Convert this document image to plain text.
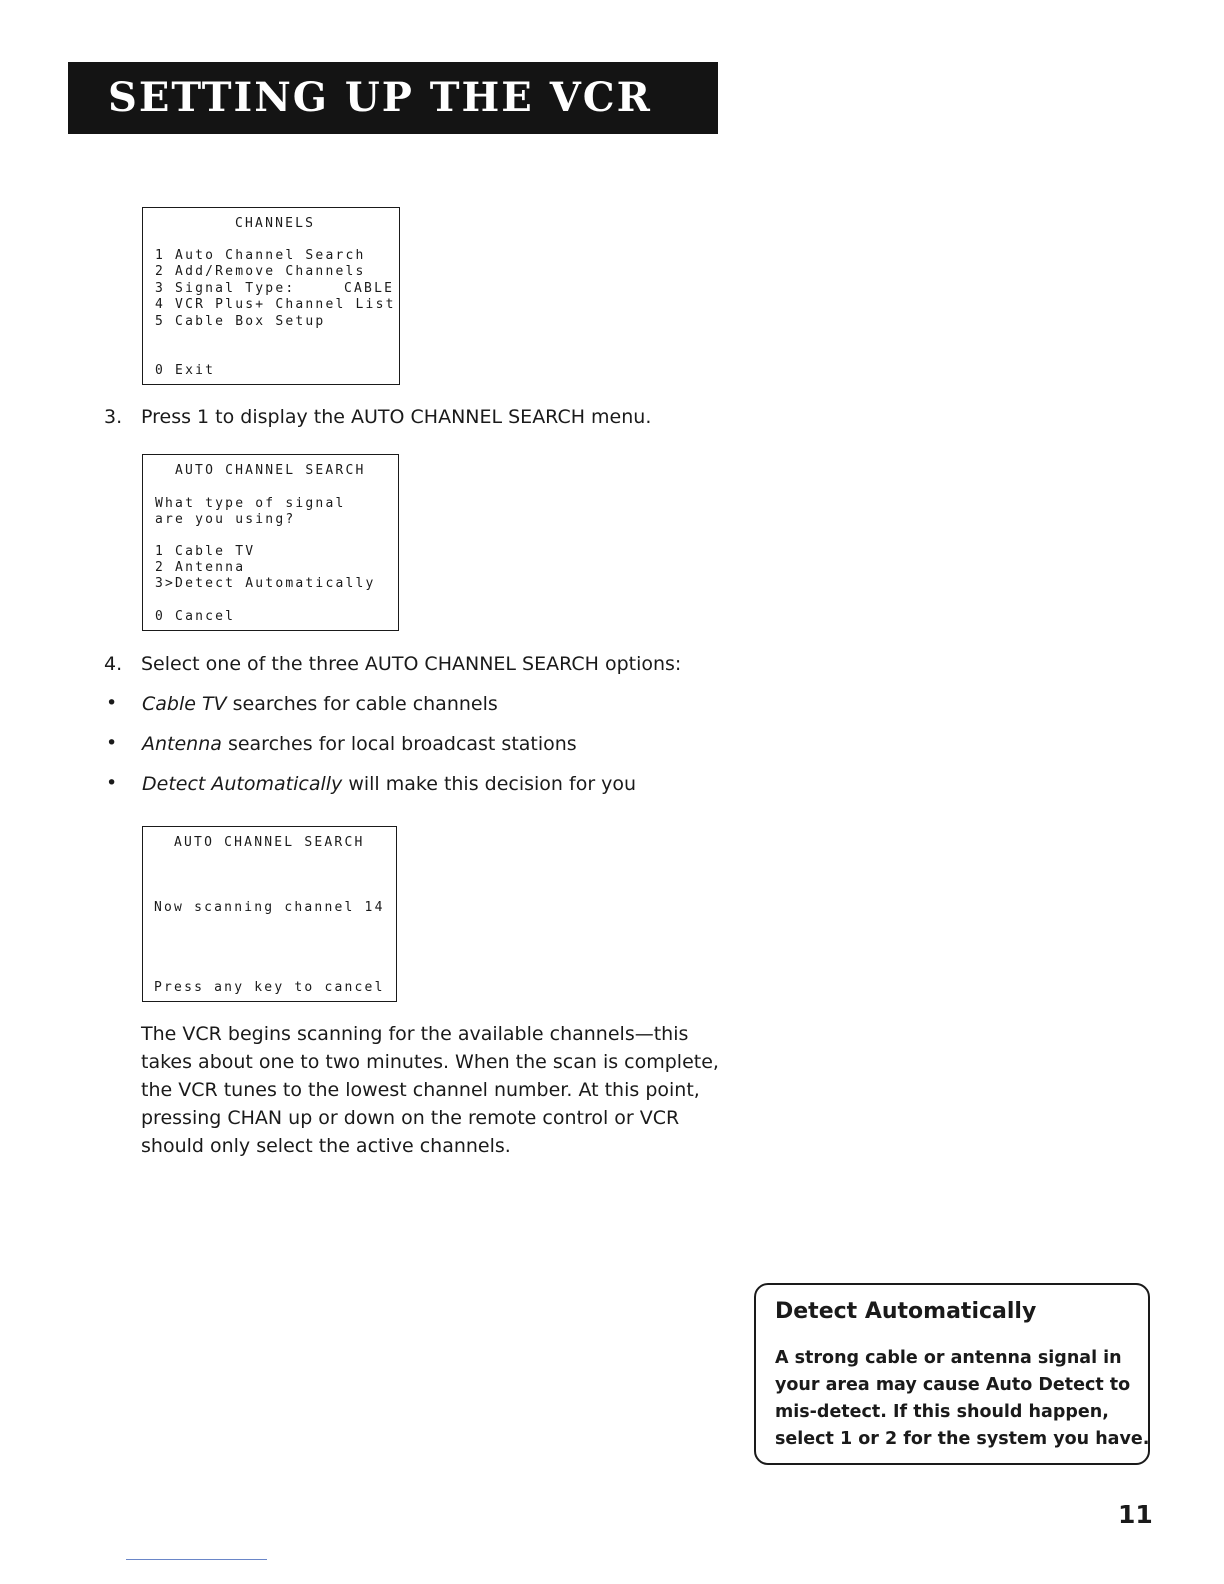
SETTING UP THE VCR
CHANNELS
1 Auto Channel Search
2 Add/Remove Channels
3 Signal Type:	CABLE
4 VCR Plus+ Channel List
5 Cable Box Setup
0 Exit
3. Press 1 to display the AUTO CHANNEL SEARCH menu.
AUTO CHANNEL SEARCH
What type of signal
are you using?
1 Cable TV
2 Antenna
3>Detect Automatically
0 Cancel
4. Select one of the three AUTO CHANNEL SEARCH options:
• Cable TV searches for cable channels
• Antenna searches for local broadcast stations
• Detect Automatically will make this decision for you
AUTO CHANNEL SEARCH
Now scanning channel 14
Press any key to cancel
The VCR begins scanning for the available channels—this
takes about one to two minutes. When the scan is complete,
the VCR tunes to the lowest channel number. At this point,
pressing CHAN up or down on the remote control or VCR
should only select the active channels.
Detect Automatically
A strong cable or antenna signal in
your area may cause Auto Detect to
mis-detect. If this should happen,
select 1 or 2 for the system you have.
11
